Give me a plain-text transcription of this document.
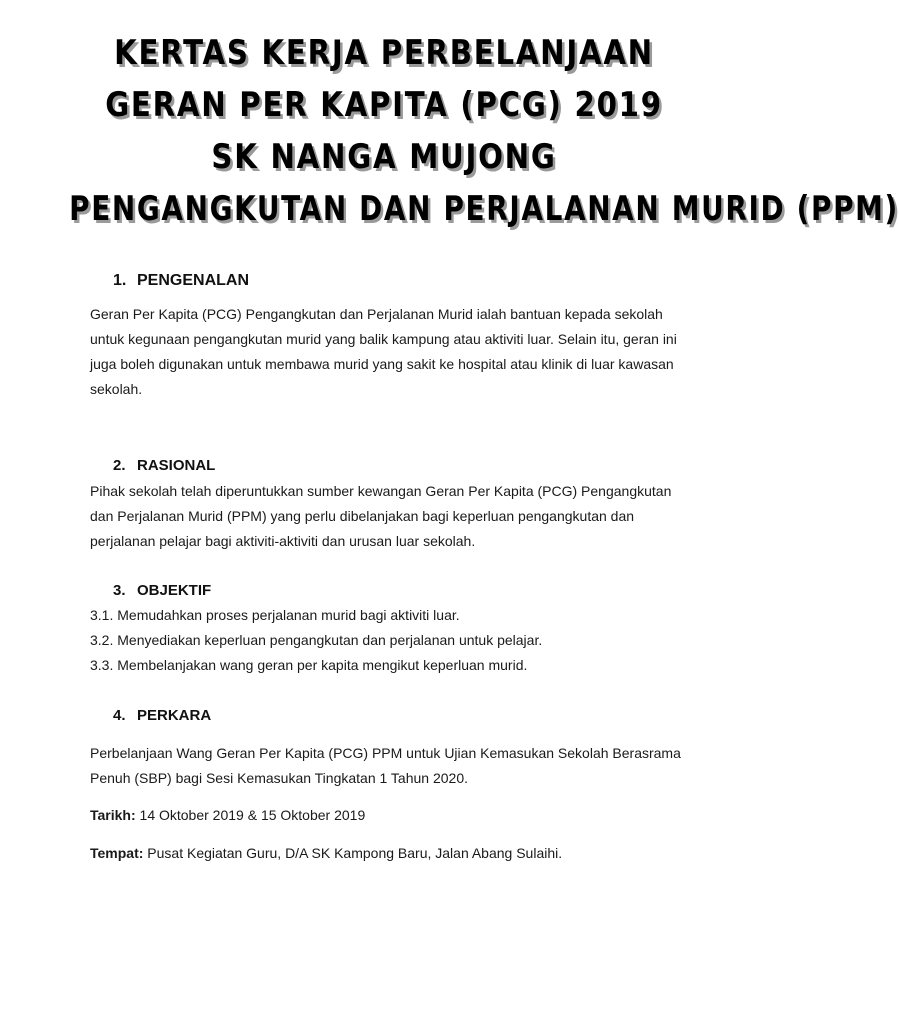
KERTAS KERJA PERBELANJAAN
GERAN PER KAPITA (PCG) 2019
SK NANGA MUJONG
PENGANGKUTAN DAN PERJALANAN MURID (PPM)
1. PENGENALAN
Geran Per Kapita (PCG) Pengangkutan dan Perjalanan Murid ialah bantuan kepada sekolah
untuk kegunaan pengangkutan murid yang balik kampung atau aktiviti luar. Selain itu, geran ini
juga boleh digunakan untuk membawa murid yang sakit ke hospital atau klinik di luar kawasan
sekolah.
2. RASIONAL
Pihak sekolah telah diperuntukkan sumber kewangan Geran Per Kapita (PCG) Pengangkutan
dan Perjalanan Murid (PPM) yang perlu dibelanjakan bagi keperluan pengangkutan dan
perjalanan pelajar bagi aktiviti-aktiviti dan urusan luar sekolah.
3. OBJEKTIF
3.1. Memudahkan proses perjalanan murid bagi aktiviti luar.
3.2. Menyediakan keperluan pengangkutan dan perjalanan untuk pelajar.
3.3. Membelanjakan wang geran per kapita mengikut keperluan murid.
4. PERKARA
Perbelanjaan Wang Geran Per Kapita (PCG) PPM untuk Ujian Kemasukan Sekolah Berasrama
Penuh (SBP) bagi Sesi Kemasukan Tingkatan 1 Tahun 2020.
Tarikh: 14 Oktober 2019 & 15 Oktober 2019
Tempat: Pusat Kegiatan Guru, D/A SK Kampong Baru, Jalan Abang Sulaihi.
